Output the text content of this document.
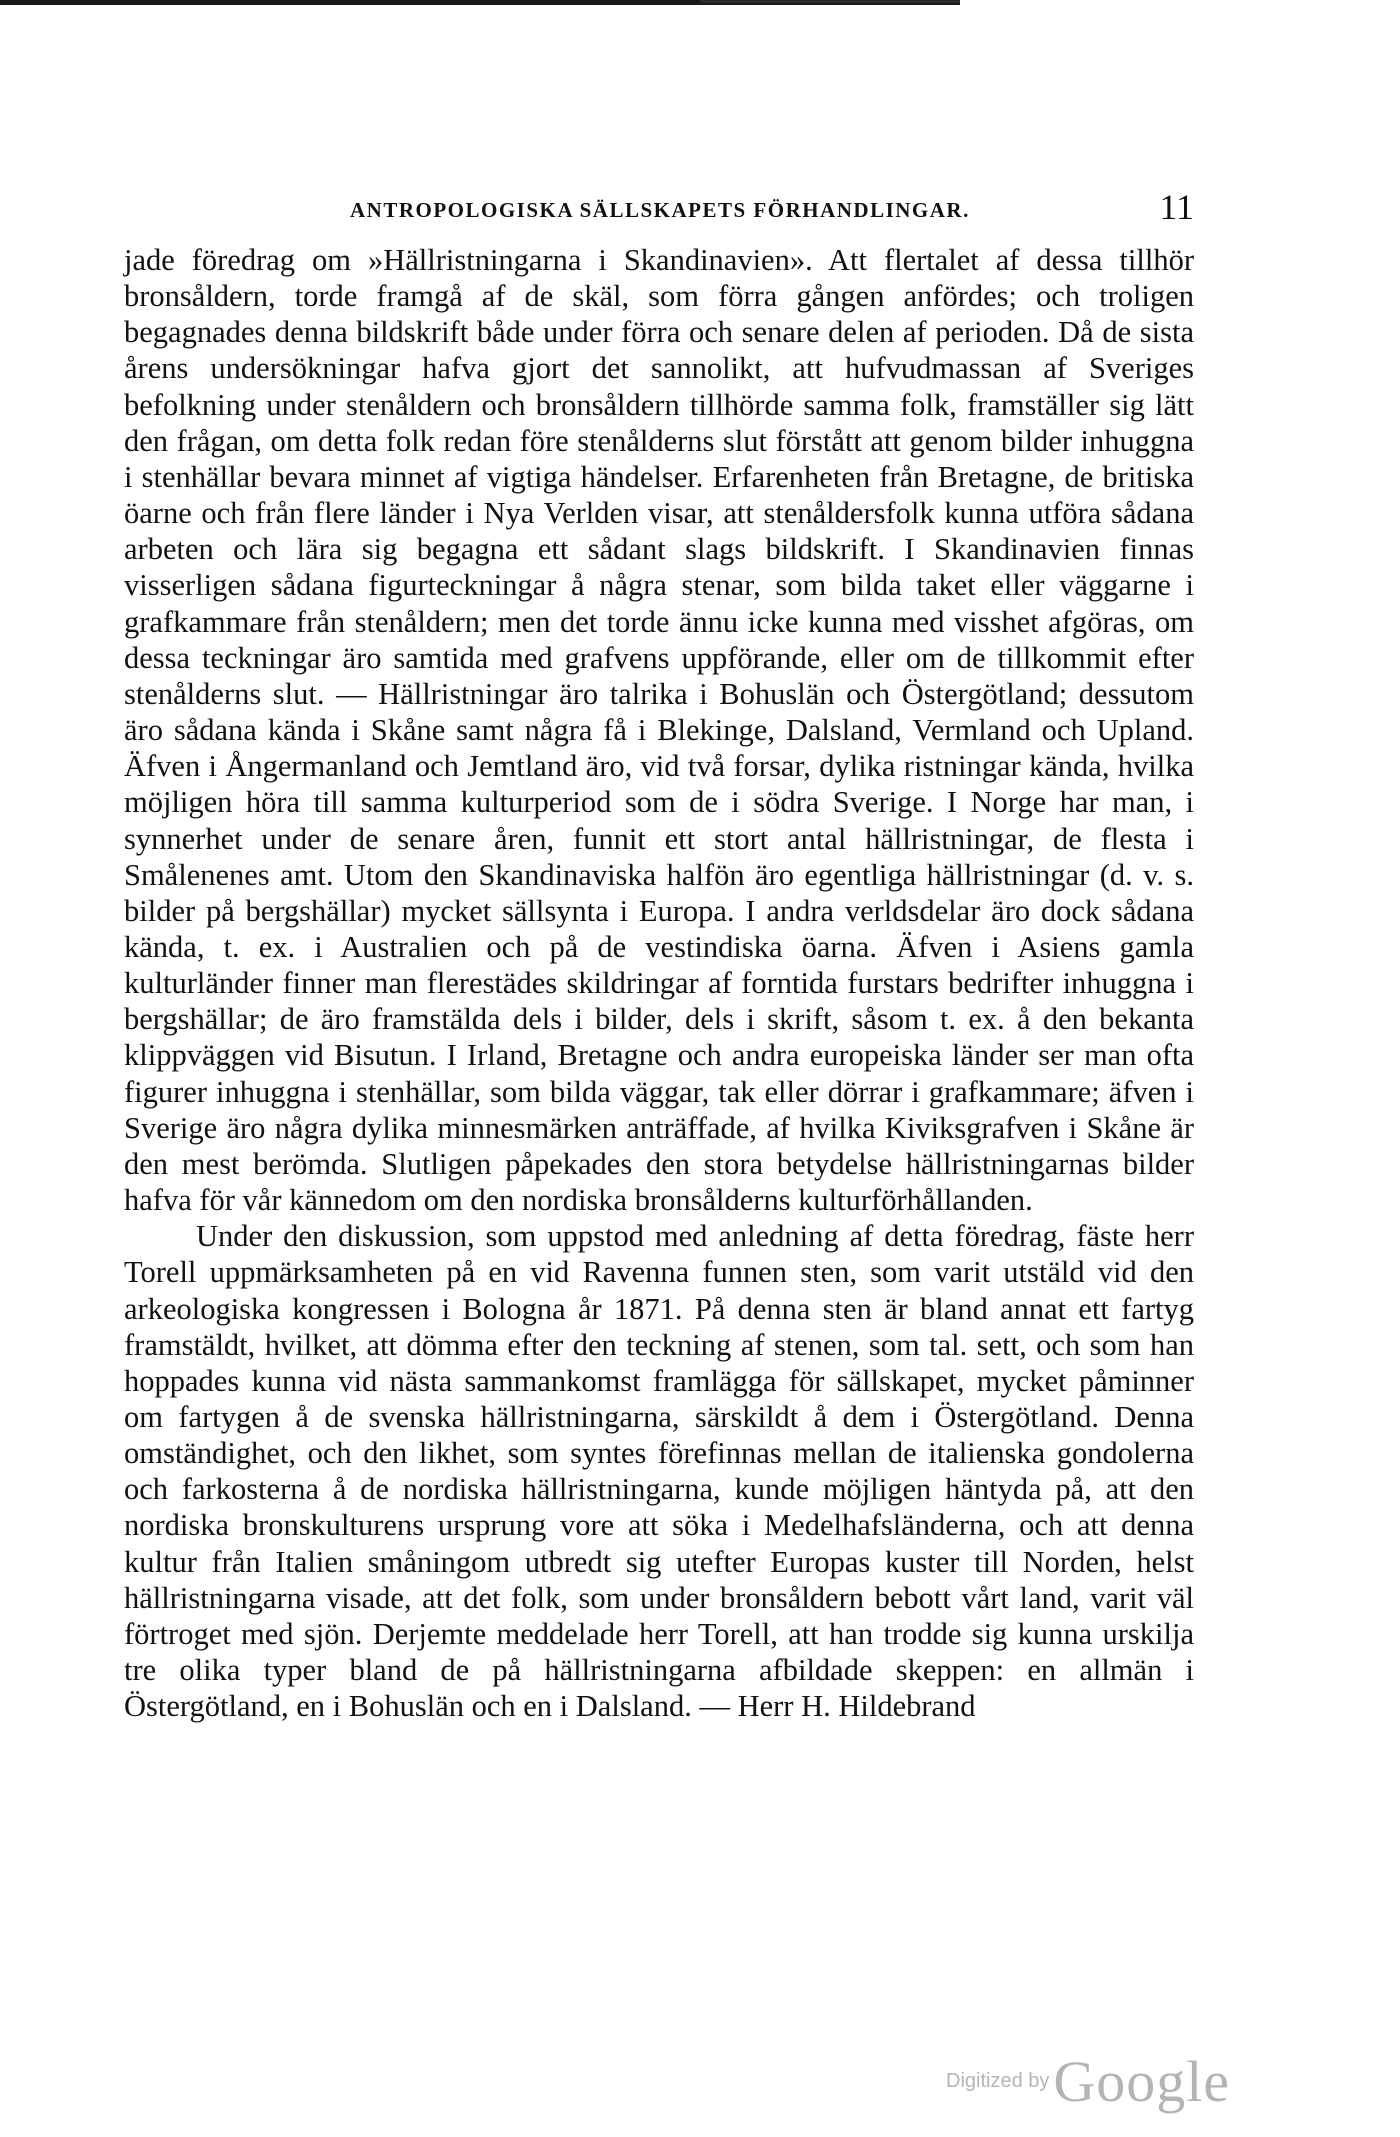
ANTROPOLOGISKA SÄLLSKAPETS FÖRHANDLINGAR.	11

jade föredrag om »Hällristningarna i Skandinavien». Att flertalet af dessa tillhör bronsåldern, torde framgå af de skäl, som förra gången anfördes; och troligen begagnades denna bildskrift både under förra och senare delen af perioden. Då de sista årens undersökningar hafva gjort det sannolikt, att hufvudmassan af Sveriges befolkning under stenåldern och bronsåldern tillhörde samma folk, framställer sig lätt den frågan, om detta folk redan före stenålderns slut förstått att genom bilder inhuggna i stenhällar bevara minnet af vigtiga händelser. Erfarenheten från Bretagne, de britiska öarne och från flere länder i Nya Verlden visar, att stenåldersfolk kunna utföra sådana arbeten och lära sig begagna ett sådant slags bildskrift. I Skandinavien finnas visserligen sådana figurteckningar å några stenar, som bilda taket eller väggarne i grafkammare från stenåldern; men det torde ännu icke kunna med visshet afgöras, om dessa teckningar äro samtida med grafvens uppförande, eller om de tillkommit efter stenålderns slut. — Hällristningar äro talrika i Bohuslän och Östergötland; dessutom äro sådana kända i Skåne samt några få i Blekinge, Dalsland, Vermland och Upland. Äfven i Ångermanland och Jemtland äro, vid två forsar, dylika ristningar kända, hvilka möjligen höra till samma kulturperiod som de i södra Sverige. I Norge har man, i synnerhet under de senare åren, funnit ett stort antal hällristningar, de flesta i Smålenenes amt. Utom den Skandinaviska halfön äro egentliga hällristningar (d. v. s. bilder på bergshällar) mycket sällsynta i Europa. I andra verldsdelar äro dock sådana kända, t. ex. i Australien och på de vestindiska öarna. Äfven i Asiens gamla kulturländer finner man flerestädes skildringar af forntida furstars bedrifter inhuggna i bergshällar; de äro framstälda dels i bilder, dels i skrift, såsom t. ex. å den bekanta klippväggen vid Bisutun. I Irland, Bretagne och andra europeiska länder ser man ofta figurer inhuggna i stenhällar, som bilda väggar, tak eller dörrar i grafkammare; äfven i Sverige äro några dylika minnesmärken anträffade, af hvilka Kiviksgrafven i Skåne är den mest berömda. Slutligen påpekades den stora betydelse hällristningarnas bilder hafva för vår kännedom om den nordiska bronsålderns kulturförhållanden.

Under den diskussion, som uppstod med anledning af detta föredrag, fäste herr Torell uppmärksamheten på en vid Ravenna funnen sten, som varit utstäld vid den arkeologiska kongressen i Bologna år 1871. På denna sten är bland annat ett fartyg framstäldt, hvilket, att dömma efter den teckning af stenen, som tal. sett, och som han hoppades kunna vid nästa sammankomst framlägga för sällskapet, mycket påminner om fartygen å de svenska hällristningarna, särskildt å dem i Östergötland. Denna omständighet, och den likhet, som syntes förefinnas mellan de italienska gondolerna och farkosterna å de nordiska hällristningarna, kunde möjligen häntyda på, att den nordiska bronskulturens ursprung vore att söka i Medelhafsländerna, och att denna kultur från Italien småningom utbredt sig utefter Europas kuster till Norden, helst hällristningarna visade, att det folk, som under bronsåldern bebott vårt land, varit väl förtroget med sjön. Derjemte meddelade herr Torell, att han trodde sig kunna urskilja tre olika typer bland de på hällristningarna afbildade skeppen: en allmän i Östergötland, en i Bohuslän och en i Dalsland. — Herr H. Hildebrand

Digitized by Google
